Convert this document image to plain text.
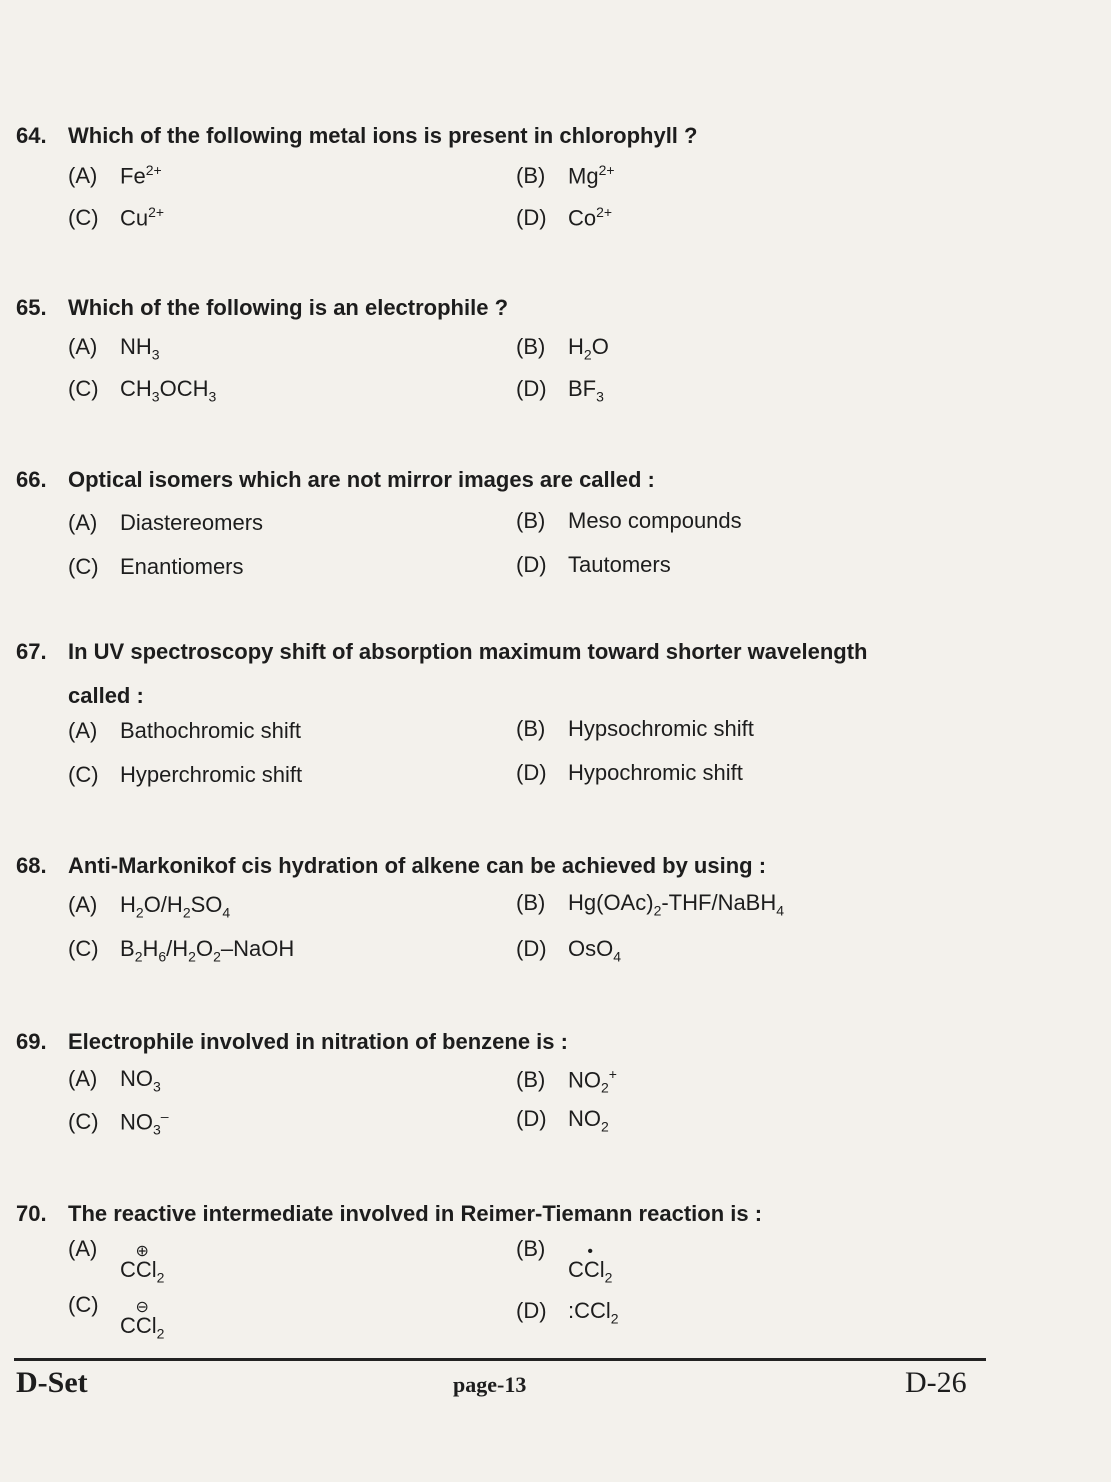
64. Which of the following metal ions is present in chlorophyll ?
(A)	$Fe^{2+}$	(B)	$Mg^{2+}$
(C) $Cu^{2+}$	(D) $Co^{2+}$
65. Which of the following is an electrophile ?
(A)	$NH_3$	(B)	$H_2O$
(C) $CH_3OCH_3$	(D) $BF_3$
66. Optical isomers which are not mirror images are called :
(A)	Diastereomers	(B)	Meso compounds
(C) Enantiomers	(D) Tautomers
67. In UV spectroscopy shift of absorption maximum toward shorter wavelength
called :
(A)	Bathochromic shift	(B)	Hypsochromic shift
(C) Hyperchromic shift	(D) Hypochromic shift
68. Anti-Markonikof cis hydration of alkene can be achieved by using :
(A)	$H_2O/H_2SO_4$	(B)	$Hg(OAc)_2-THF/NaBH_4$
(C) $B_2H_6/H_2O_2$–NaOH	(D) OsO$_4$
69. Electrophile involved in nitration of benzene is :
(A)	$NO_3$	(B)	$NO_2^+$
(C) $NO_3^-$	(D) $NO_2$
70. The reactive intermediate involved in Reimer-Tiemann reaction is :
(A)	⊕
CCl$_2$
(B)	•
CCl$_2$
(C)	⊖
CCl$_2$
(D) :CCl$_2$
D-Set	page-13	D-26
